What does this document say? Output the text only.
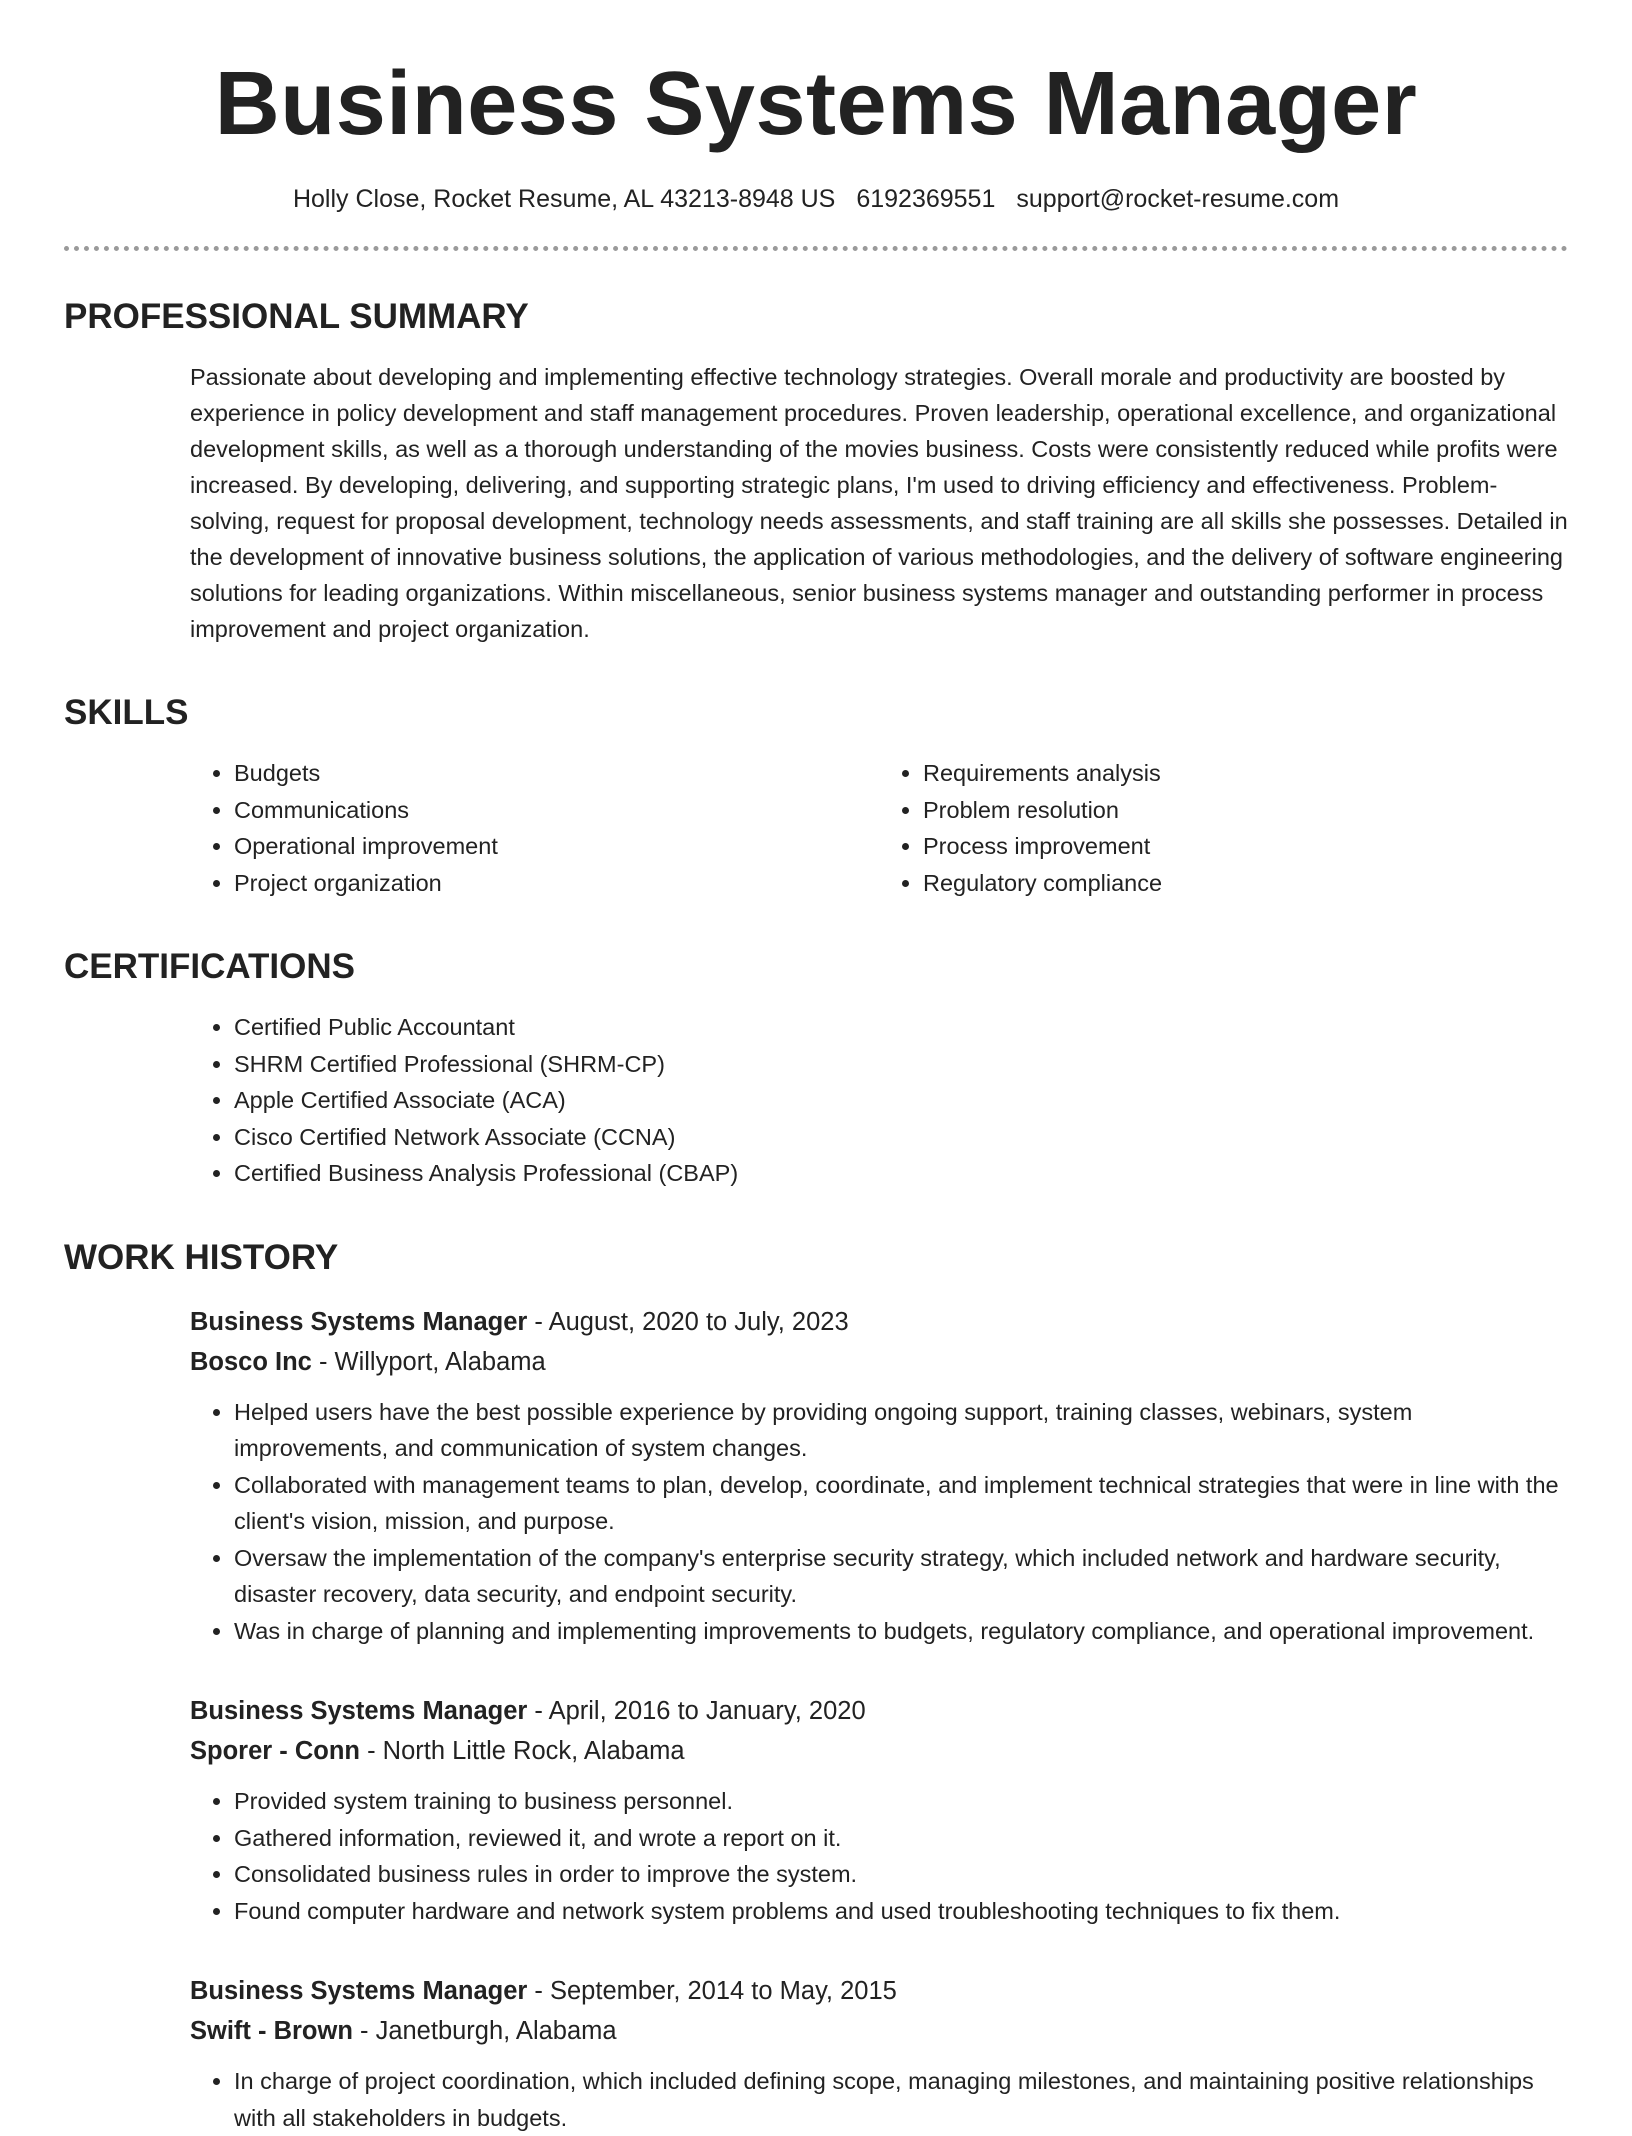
Business Systems Manager
Holly Close, Rocket Resume, AL 43213-8948 US 6192369551 support@rocket-resume.com
PROFESSIONAL SUMMARY
Passionate about developing and implementing effective technology strategies. Overall morale and productivity are boosted by experience in policy development and staff management procedures. Proven leadership, operational excellence, and organizational development skills, as well as a thorough understanding of the movies business. Costs were consistently reduced while profits were increased. By developing, delivering, and supporting strategic plans, I'm used to driving efficiency and effectiveness. Problem-solving, request for proposal development, technology needs assessments, and staff training are all skills she possesses. Detailed in the development of innovative business solutions, the application of various methodologies, and the delivery of software engineering solutions for leading organizations. Within miscellaneous, senior business systems manager and outstanding performer in process improvement and project organization.
SKILLS
• Budgets
• Communications
• Operational improvement
• Project organization
• Requirements analysis
• Problem resolution
• Process improvement
• Regulatory compliance
CERTIFICATIONS
• Certified Public Accountant
• SHRM Certified Professional (SHRM-CP)
• Apple Certified Associate (ACA)
• Cisco Certified Network Associate (CCNA)
• Certified Business Analysis Professional (CBAP)
WORK HISTORY
Business Systems Manager - August, 2020 to July, 2023
Bosco Inc - Willyport, Alabama
• Helped users have the best possible experience by providing ongoing support, training classes, webinars, system improvements, and communication of system changes.
• Collaborated with management teams to plan, develop, coordinate, and implement technical strategies that were in line with the client's vision, mission, and purpose.
• Oversaw the implementation of the company's enterprise security strategy, which included network and hardware security, disaster recovery, data security, and endpoint security.
• Was in charge of planning and implementing improvements to budgets, regulatory compliance, and operational improvement.
Business Systems Manager - April, 2016 to January, 2020
Sporer - Conn - North Little Rock, Alabama
• Provided system training to business personnel.
• Gathered information, reviewed it, and wrote a report on it.
• Consolidated business rules in order to improve the system.
• Found computer hardware and network system problems and used troubleshooting techniques to fix them.
Business Systems Manager - September, 2014 to May, 2015
Swift - Brown - Janetburgh, Alabama
• In charge of project coordination, which included defining scope, managing milestones, and maintaining positive relationships with all stakeholders in budgets.
